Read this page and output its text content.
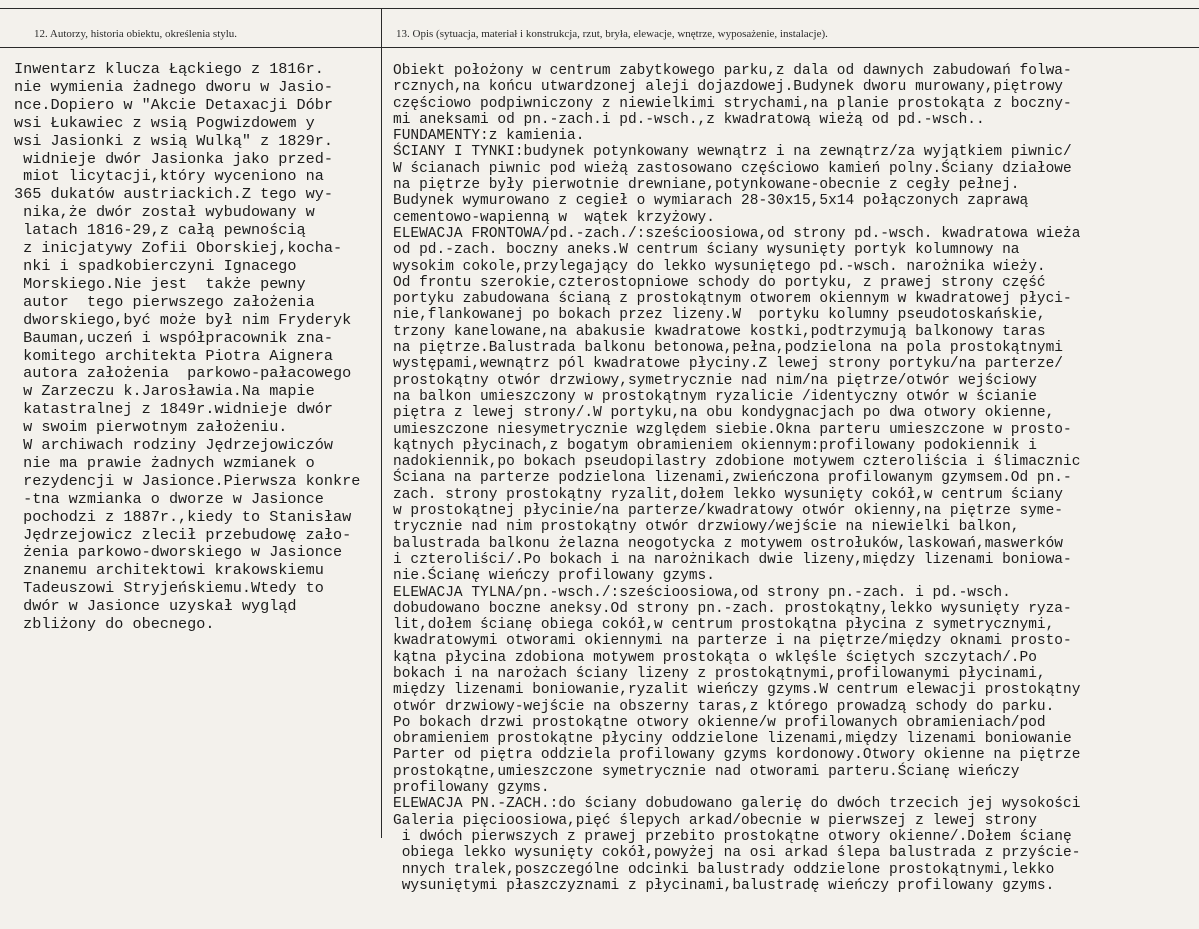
12. Autorzy, historia obiektu, określenia stylu.	13. Opis (sytuacja, materiał i konstrukcja, rzut, bryła, elewacje, wnętrze, wyposażenie, instalacje).
Inwentarz klucza Łąckiego z 1816r.
nie wymienia żadnego dworu w Jasio-
nce.Dopiero w "Akcie Detaxacji Dóbr
wsi Łukawiec z wsią Pogwizdowem y
wsi Jasionki z wsią Wulką" z 1829r.
widnieje dwór Jasionka jako przed-
miot licytacji,który wyceniono na
365 dukatów austriackich.Z tego wy-
nika,że dwór został wybudowany w
latach 1816-29,z całą pewnością
z inicjatywy Zofii Oborskiej,kocha-
nki i spadkobierczyni Ignacego
Morskiego.Nie jest  także pewny
autor  tego pierwszego założenia
dworskiego,być może był nim Fryderyk
Bauman,uczeń i współpracownik zna-
komitego architekta Piotra Aignera
autora założenia  parkowo-pałacowego
w Zarzeczu k.Jarosławia.Na mapie
katastralnej z 1849r.widnieje dwór
w swoim pierwotnym założeniu.
W archiwach rodziny Jędrzejowiczów
nie ma prawie żadnych wzmianek o
rezydencji w Jasionce.Pierwsza konkre
-tna wzmianka o dworze w Jasionce
pochodzi z 1887r.,kiedy to Stanisław
Jędrzejowicz zlecił przebudowę zało-
żenia parkowo-dworskiego w Jasionce
znanemu architektowi krakowskiemu
Tadeuszowi Stryjeńskiemu.Wtedy to
dwór w Jasionce uzyskał wygląd
zbliżony do obecnego.
Obiekt położony w centrum zabytkowego parku,z dala od dawnych zabudowań folwa-
rcznych,na końcu utwardzonej alejі dojazdowej.Budynek dworu murowany,piętrowy
częściowo podpiwniczony z niewielkimi strychami,na planie prostokąta z boczny-
mi aneksami od pn.-zach.i pd.-wsch.,z kwadratową wieżą od pd.-wsch..
FUNDAMENTY:z kamienia.
ŚCIANY I TYNKI:budynek potynkowany wewnątrz i na zewnątrz/za wyjątkiem piwnic/
W ścianach piwnic pod wieżą zastosowano częściowo kamień polny.Ściany działowe
na piętrze były pierwotnie drewniane,potynkowane-obecnie z cegły pełnej.
Budynek wymurowano z cegieł o wymiarach 28-30x15,5x14 połączonych zaprawą
cementowo-wapienną w  wątek krzyżowy.
ELEWACJA FRONTOWA/pd.-zach./:sześcioosiowa,od strony pd.-wsch. kwadratowa wieża
od pd.-zach. boczny aneks.W centrum ściany wysunięty portyk kolumnowy na
wysokim cokole,przylegający do lekko wysuniętego pd.-wsch. narożnika wieży.
Od frontu szerokie,czterostopniowe schody do portyku, z prawej strony część
portyku zabudowana ścianą z prostokątnym otworem okiennym w kwadratowej płyci-
nie,flankowanej po bokach przez lizeny.W  portyku kolumny pseudotoskańskie,
trzony kanelowane,na abakusie kwadratowe kostki,podtrzymują balkonowy taras
na piętrze.Balustrada balkonu betonowa,pełna,podzielona na pola prostokątnymi
występami,wewnątrz pól kwadratowe płyciny.Z lewej strony portyku/na parterze/
prostokątny otwór drzwiowy,symetrycznie nad nim/na piętrze/otwór wejściowy
na balkon umieszczony w prostokątnym ryzalicie /identyczny otwór w ścianie
piętra z lewej strony/.W portyku,na obu kondygnacjach po dwa otwory okienne,
umieszczone niesymetrycznie względem siebie.Okna parteru umieszczone w prosto-
kątnych płycinach,z bogatym obramieniem okiennym:profilowany podokiennik i
nadokiennik,po bokach pseudopilastry zdobione motywem czteroliścia i ślimacznic
Ściana na parterze podzielona lizenami,zwieńczona profilowanym gzymsem.Od pn.-
zach. strony prostokątny ryzalit,dołem lekko wysunięty cokół,w centrum ściany
w prostokątnej płycinie/na parterze/kwadratowy otwór okienny,na piętrze syme-
trycznie nad nim prostokątny otwór drzwiowy/wejście na niewielki balkon,
balustrada balkonu żelazna neogotycka z motywem ostrołuków,laskowań,maswerków
i czteroliści/.Po bokach i na narożnikach dwie lizeny,między lizenami boniowa-
nie.Ścianę wieńczy profilowany gzyms.
ELEWACJA TYLNA/pn.-wsch./:sześcioosiowa,od strony pn.-zach. i pd.-wsch.
dobudowano boczne aneksy.Od strony pn.-zach. prostokątny,lekko wysunięty ryza-
lit,dołem ścianę obiega cokół,w centrum prostokątna płycina z symetrycznymi,
kwadratowymi otworami okiennymi na parterze i na piętrze/między oknami prosto-
kątna płycina zdobiona motywem prostokąta o wklęśle ściętych szczytach/.Po
bokach i na narożach ściany lizeny z prostokątnymi,profilowanymi płycinami,
między lizenami boniowanie,ryzalit wieńczy gzyms.W centrum elewacji prostokątny
otwór drzwiowy-wejście na obszerny taras,z którego prowadzą schody do parku.
Po bokach drzwi prostokątne otwory okienne/w profilowanych obramieniach/pod
obramieniem prostokątne płyciny oddzielone lizenami,między lizenami boniowanie
Parter od piętra oddziela profilowany gzyms kordonowy.Otwory okienne na piętrze
prostokątne,umieszczone symetrycznie nad otworami parteru.Ścianę wieńczy
profilowany gzyms.
ELEWACJA PN.-ZACH.:do ściany dobudowano galerię do dwóch trzecich jej wysokości
Galeria pięcioosiowa,pięć ślepych arkad/obecnie w pierwszej z lewej strony
i dwóch pierwszych z prawej przebito prostokątne otwory okienne/.Dołem ścianę
obiega lekko wysunięty cokół,powyżej na osi arkad ślepa balustrada z przyście-
nnych tralek,poszczególne odcinki balustrady oddzielone prostokątnymi,lekko
wysuniętymi płaszczyznami z płycinami,balustradę wieńczy profilowany gzyms.
